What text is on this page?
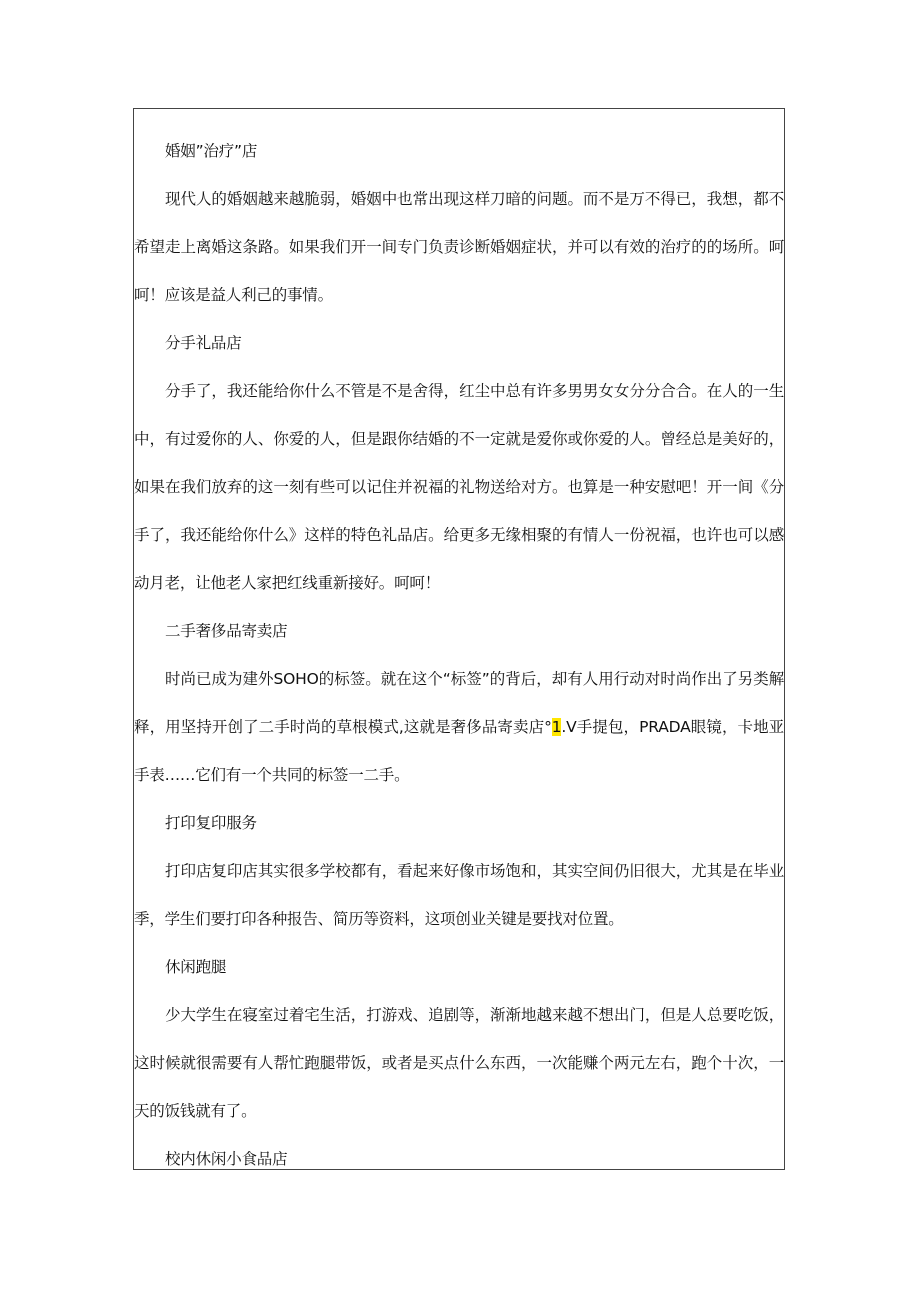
婚姻”治疗”店

现代人的婚姻越来越脆弱，婚姻中也常出现这样刀暗的问题。而不是万不得已，我想，都不希望走上离婚这条路。如果我们开一间专门负责诊断婚姻症状，并可以有效的治疗的的场所。呵呵！应该是益人利己的事情。

分手礼品店

分手了，我还能给你什么不管是不是舍得，红尘中总有许多男男女女分分合合。在人的一生中，有过爱你的人、你爱的人，但是跟你结婚的不一定就是爱你或你爱的人。曾经总是美好的，如果在我们放弃的这一刻有些可以记住并祝福的礼物送给对方。也算是一种安慰吧！开一间《分手了，我还能给你什么》这样的特色礼品店。给更多无缘相聚的有情人一份祝福，也许也可以感动月老，让他老人家把红线重新接好。呵呵！

二手奢侈品寄卖店

时尚已成为建外SOHO的标签。就在这个“标签”的背后，却有人用行动对时尚作出了另类解释，用坚持开创了二手时尚的草根模式,这就是奢侈品寄卖店°1.V手提包，PRADA眼镜，卡地亚手表……它们有一个共同的标签一二手。

打印复印服务

打印店复印店其实很多学校都有，看起来好像市场饱和，其实空间仍旧很大，尤其是在毕业季，学生们要打印各种报告、简历等资料，这项创业关键是要找对位置。

休闲跑腿

少大学生在寝室过着宅生活，打游戏、追剧等，渐渐地越来越不想出门，但是人总要吃饭，这时候就很需要有人帮忙跑腿带饭，或者是买点什么东西，一次能赚个两元左右，跑个十次，一天的饭钱就有了。

校内休闲小食品店
